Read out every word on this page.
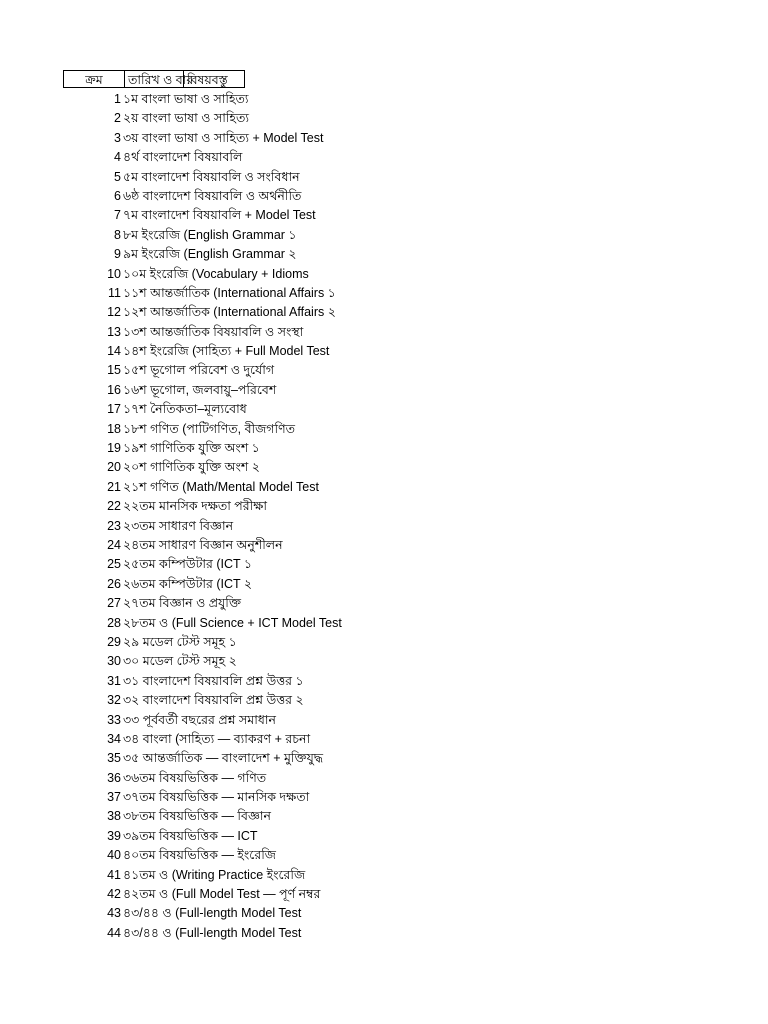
ক্রম	তারিখ ও বার
বিষয়বস্তু
1 ১ম বাংলা ভাষা ও সাহিত্য
2 ২য় বাংলা ভাষা ও সাহিত্য
3 ৩য় বাংলা ভাষা ও সাহিত্য + Model Test
4 ৪র্থ বাংলাদেশ বিষয়াবলি
5 ৫ম বাংলাদেশ বিষয়াবলি ও সংবিধান
6 ৬ষ্ঠ বাংলাদেশ বিষয়াবলি ও অর্থনীতি
7 ৭ম বাংলাদেশ বিষয়াবলি + Model Test
8 ৮ম ইংরেজি (English Grammar ১
9 ৯ম ইংরেজি (English Grammar ২
10 ১০ম ইংরেজি (Vocabulary + Idioms
11 ১১শ আন্তর্জাতিক (International Affairs ১
12 ১২শ আন্তর্জাতিক (International Affairs ২
13 ১৩শ আন্তর্জাতিক বিষয়াবলি ও সংস্থা
14 ১৪শ ইংরেজি (সাহিত্য + Full Model Test
15 ১৫শ ভূগোল পরিবেশ ও দুর্যোগ
16 ১৬শ ভূগোল, জলবায়ু–পরিবেশ
17 ১৭শ নৈতিকতা–মূল্যবোধ
18 ১৮শ গণিত (পাটিগণিত, বীজগণিত
19 ১৯শ গাণিতিক যুক্তি অংশ ১
20 ২০শ গাণিতিক যুক্তি অংশ ২
21 ২১শ গণিত (Math/Mental Model Test
22 ২২তম মানসিক দক্ষতা পরীক্ষা
23 ২৩তম সাধারণ বিজ্ঞান
24 ২৪তম সাধারণ বিজ্ঞান অনুশীলন
25 ২৫তম কম্পিউটার (ICT ১
26 ২৬তম কম্পিউটার (ICT ২
27 ২৭তম বিজ্ঞান ও প্রযুক্তি
28 ২৮তম ও (Full Science + ICT Model Test
29 ২৯ মডেল টেস্ট সমূহ ১
30 ৩০ মডেল টেস্ট সমূহ ২
31 ৩১ বাংলাদেশ বিষয়াবলি প্রশ্ন উত্তর ১
32 ৩২ বাংলাদেশ বিষয়াবলি প্রশ্ন উত্তর ২
33 ৩৩ পূর্ববর্তী বছরের প্রশ্ন সমাধান
34 ৩৪ বাংলা (সাহিত্য — ব্যাকরণ + রচনা
35 ৩৫ আন্তর্জাতিক — বাংলাদেশ + মুক্তিযুদ্ধ
36 ৩৬তম বিষয়ভিত্তিক — গণিত
37 ৩৭তম বিষয়ভিত্তিক — মানসিক দক্ষতা
38 ৩৮তম বিষয়ভিত্তিক — বিজ্ঞান
39 ৩৯তম বিষয়ভিত্তিক — ICT
40 ৪০তম বিষয়ভিত্তিক — ইংরেজি
41 ৪১তম ও (Writing Practice ইংরেজি
42 ৪২তম ও (Full Model Test — পূর্ণ নম্বর
43 ৪৩/৪৪ ও (Full-length Model Test
44 ৪৩/৪৪ ও (Full-length Model Test
